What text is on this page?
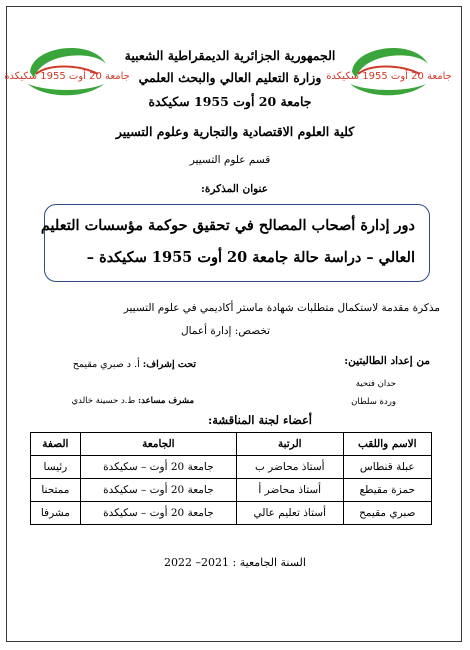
جامعة 20 أوت 1955 سكيكدة	جامعة 20 أوت 1955 سكيكدة
الجمهورية الجزائرية الديمقراطية الشعبية
وزارة التعليم العالي والبحث العلمي
جامعة 20 أوت 1955 سكيكدة
كلية العلوم الاقتصادية والتجارية وعلوم التسيير
قسم علوم التسيير
عنوان المذكرة:
دور إدارة أصحاب المصالح في تحقيق حوكمة مؤسسات التعليم
العالي – دراسة حالة جامعة 20 أوت 1955 سكيكدة –
مذكرة مقدمة لاستكمال متطلبات شهادة ماستر أكاديمي في علوم التسيير
تخصص: إدارة أعمال
من إعداد الطالبتين:
حدان فتحية
وردة سلطان
تحت إشراف: أ. د صبري مقيمح
مشرف مساعد: ط.د حسينة خالدي
أعضاء لجنة المناقشة:
الاسم واللقب	الرتبة	الجامعة	الصفة
عبلة قنطاس	أستاذ محاضر ب	جامعة 20 أوت – سكيكدة	رئيسا
حمزة مقيطع	أستاذ محاضر أ	جامعة 20 أوت – سكيكدة	ممتحنا
صبري مقيمح	أستاذ تعليم عالي	جامعة 20 أوت – سكيكدة	مشرفا
السنة الجامعية : 2021– 2022
